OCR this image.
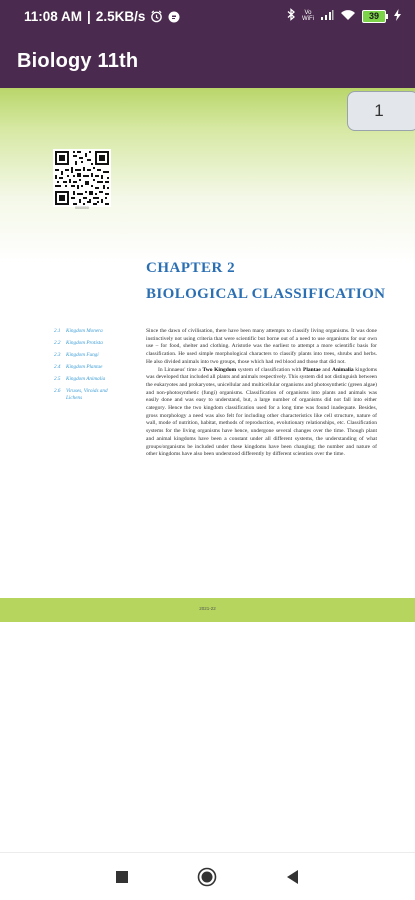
11:08 AM | 2.5KB/s	Vo
WiFi	39
Biology 11th
1
0000000
CHAPTER 2
BIOLOGICAL CLASSIFICATION
2.1	Kingdom Monera
2.2	Kingdom Protista
2.3	Kingdom Fungi
2.4	Kingdom Plantae
2.5	Kingdom Animalia
2.6	Viruses, Viroids and Lichens

Since the dawn of civilisation, there have been many attempts to classify living organisms. It was done instinctively not using criteria that were scientific but borne out of a need to use organisms for our own use – for food, shelter and clothing. Aristotle was the earliest to attempt a more scientific basis for classification. He used simple morphological characters to classify plants into trees, shrubs and herbs. He also divided animals into two groups, those which had red blood and those that did not.

In Linnaeus' time a Two Kingdom system of classification with Plantae and Animalia kingdoms was developed that included all plants and animals respectively. This system did not distinguish between the eukaryotes and prokaryotes, unicellular and multicellular organisms and photosynthetic (green algae) and non-photosynthetic (fungi) organisms. Classification of organisms into plants and animals was easily done and was easy to understand, but, a large number of organisms did not fall into either category. Hence the two kingdom classification used for a long time was found inadequate. Besides, gross morphology a need was also felt for including other characteristics like cell structure, nature of wall, mode of nutrition, habitat, methods of reproduction, evolutionary relationships, etc. Classification systems for the living organisms have hence, undergone several changes over the time. Though plant and animal kingdoms have been a constant under all different systems, the understanding of what groups/organisms be included under these kingdoms have been changing; the number and nature of other kingdoms have also been understood differently by different scientists over the time.

2021-22
